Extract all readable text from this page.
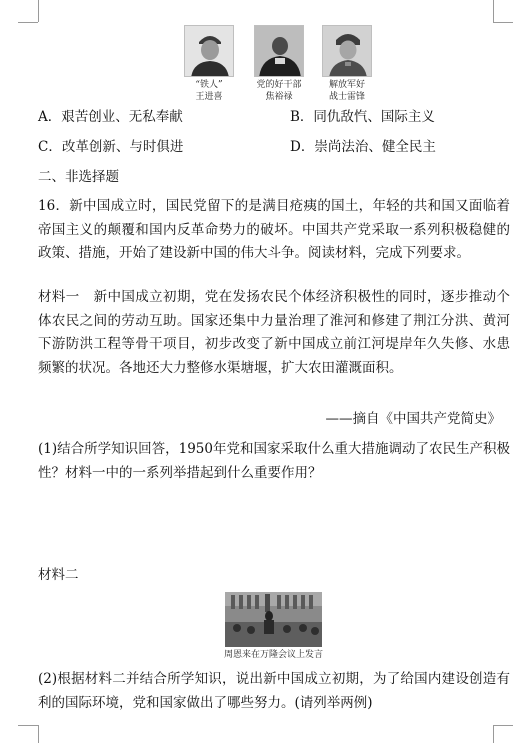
“铁人”
王进喜
党的好干部
焦裕禄
解放军好
战士雷锋
A．艰苦创业、无私奉献	B．同仇敌忾、国际主义
C．改革创新、与时俱进	D．崇尚法治、健全民主
二、非选择题
16．新中国成立时，国民党留下的是满目疮痍的国土，年轻的共和国又面临着帝国主义的颠覆和国内反革命势力的破坏。中国共产党采取一系列积极稳健的政策、措施，开始了建设新中国的伟大斗争。阅读材料，完成下列要求。
材料一　新中国成立初期，党在发扬农民个体经济积极性的同时，逐步推动个体农民之间的劳动互助。国家还集中力量治理了淮河和修建了荆江分洪、黄河下游防洪工程等骨干项目，初步改变了新中国成立前江河堤岸年久失修、水患频繁的状况。各地还大力整修水渠塘堰，扩大农田灌溉面积。
——摘自《中国共产党简史》
(1)结合所学知识回答，1950年党和国家采取什么重大措施调动了农民生产积极性？材料一中的一系列举措起到什么重要作用？
材料二
周恩来在万隆会议上发言
(2)根据材料二并结合所学知识，说出新中国成立初期，为了给国内建设创造有利的国际环境，党和国家做出了哪些努力。(请列举两例)
